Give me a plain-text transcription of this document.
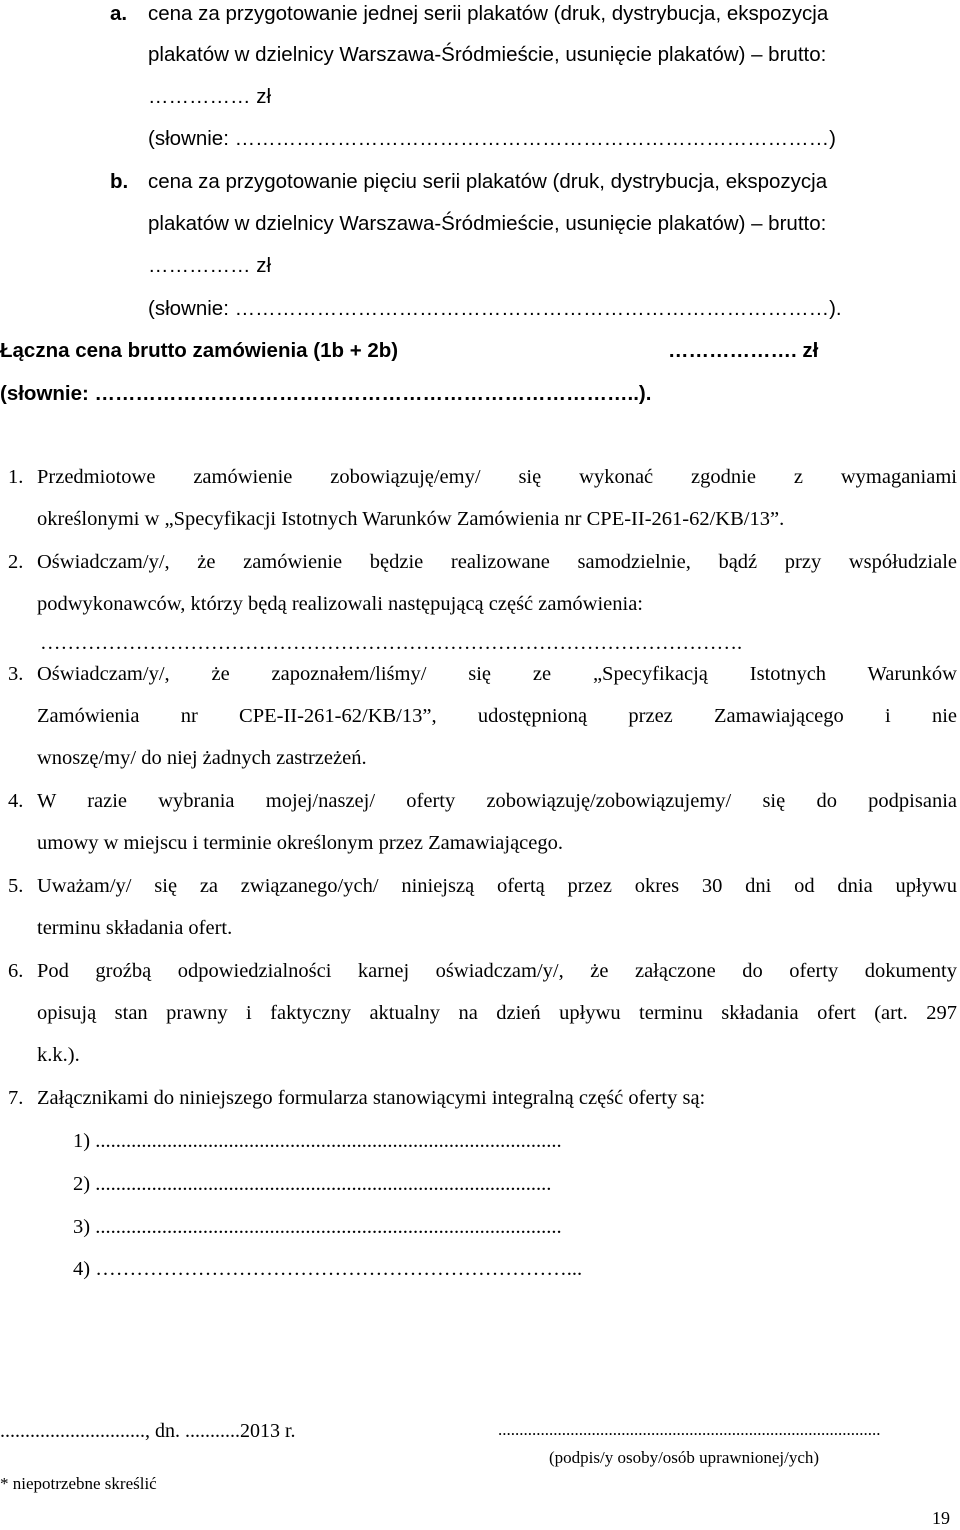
a. cena za przygotowanie jednej serii plakatów (druk, dystrybucja, ekspozycja
plakatów w dzielnicy Warszawa-Śródmieście, usunięcie plakatów) – brutto:
…………… zł
(słownie: ……………………………………………………………………………)
b. cena za przygotowanie pięciu serii plakatów (druk, dystrybucja, ekspozycja
plakatów w dzielnicy Warszawa-Śródmieście, usunięcie plakatów) – brutto:
…………… zł
(słownie: ……………………………………………………………………………).
Łączna cena brutto zamówienia (1b + 2b)	………………. zł
(słownie: ……………………………………………………………………..).
1. Przedmiotowe zamówienie zobowiązuję/emy/ się wykonać zgodnie z wymaganiami
określonymi w „Specyfikacji Istotnych Warunków Zamówienia nr CPE-II-261-62/KB/13”.
2. Oświadczam/y/, że zamówienie będzie realizowane samodzielnie, bądź przy współudziale
podwykonawców, którzy będą realizowali następującą część zamówienia:
………………………………………………………………………………………….
3. Oświadczam/y/, że zapoznałem/liśmy/ się ze „Specyfikacją Istotnych Warunków
Zamówienia nr CPE-II-261-62/KB/13”, udostępnioną przez Zamawiającego i nie
wnoszę/my/ do niej żadnych zastrzeżeń.
4. W razie wybrania mojej/naszej/ oferty zobowiązuję/zobowiązujemy/ się do podpisania
umowy w miejscu i terminie określonym przez Zamawiającego.
5. Uważam/y/ się za związanego/ych/ niniejszą ofertą przez okres 30 dni od dnia upływu
terminu składania ofert.
6. Pod groźbą odpowiedzialności karnej oświadczam/y/, że załączone do oferty dokumenty
opisują stan prawny i faktyczny aktualny na dzień upływu terminu składania ofert (art. 297
k.k.).
7. Załącznikami do niniejszego formularza stanowiącymi integralną część oferty są:
1) ...........................................................................................
2) .........................................................................................
3) ...........................................................................................
4) ……………………………………………………………...
............................., dn. ...........2013 r.	..........................................................................................
(podpis/y osoby/osób uprawnionej/ych)
* niepotrzebne skreślić
19
